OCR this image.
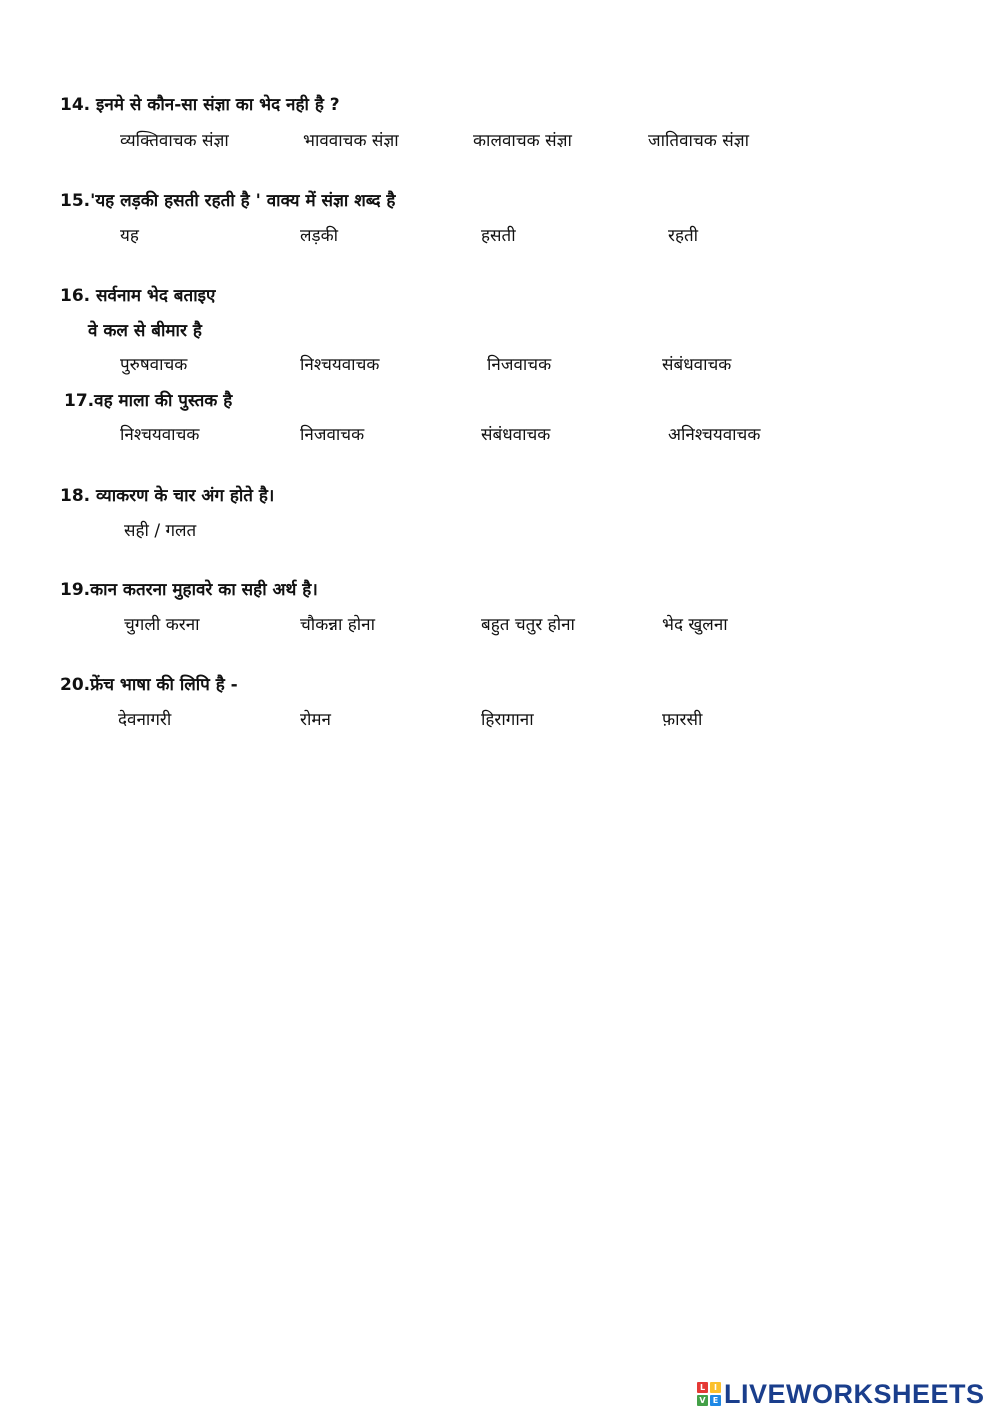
14. इनमे से कौन-सा संज्ञा का भेद नही है ?
व्यक्तिवाचक संज्ञा	भाववाचक संज्ञा	कालवाचक संज्ञा	जातिवाचक संज्ञा
15.'यह लड़की हसती रहती है ' वाक्य में संज्ञा शब्द है
यह	लड़की	हसती	रहती
16. सर्वनाम भेद बताइए
वे कल से बीमार है
पुरुषवाचक	निश्चयवाचक	निजवाचक	संबंधवाचक
17.वह माला की पुस्तक है
निश्चयवाचक	निजवाचक	संबंधवाचक	अनिश्चयवाचक
18. व्याकरण के चार अंग होते है।
सही / गलत
19.कान कतरना मुहावरे का सही अर्थ है।
चुगली करना	चौकन्ना होना	बहुत चतुर होना	भेद खुलना
20.फ्रेंच भाषा की लिपि है -
देवनागरी	रोमन	हिरागाना	फ़ारसी
L	I
V E LIVEWORKSHEETS
